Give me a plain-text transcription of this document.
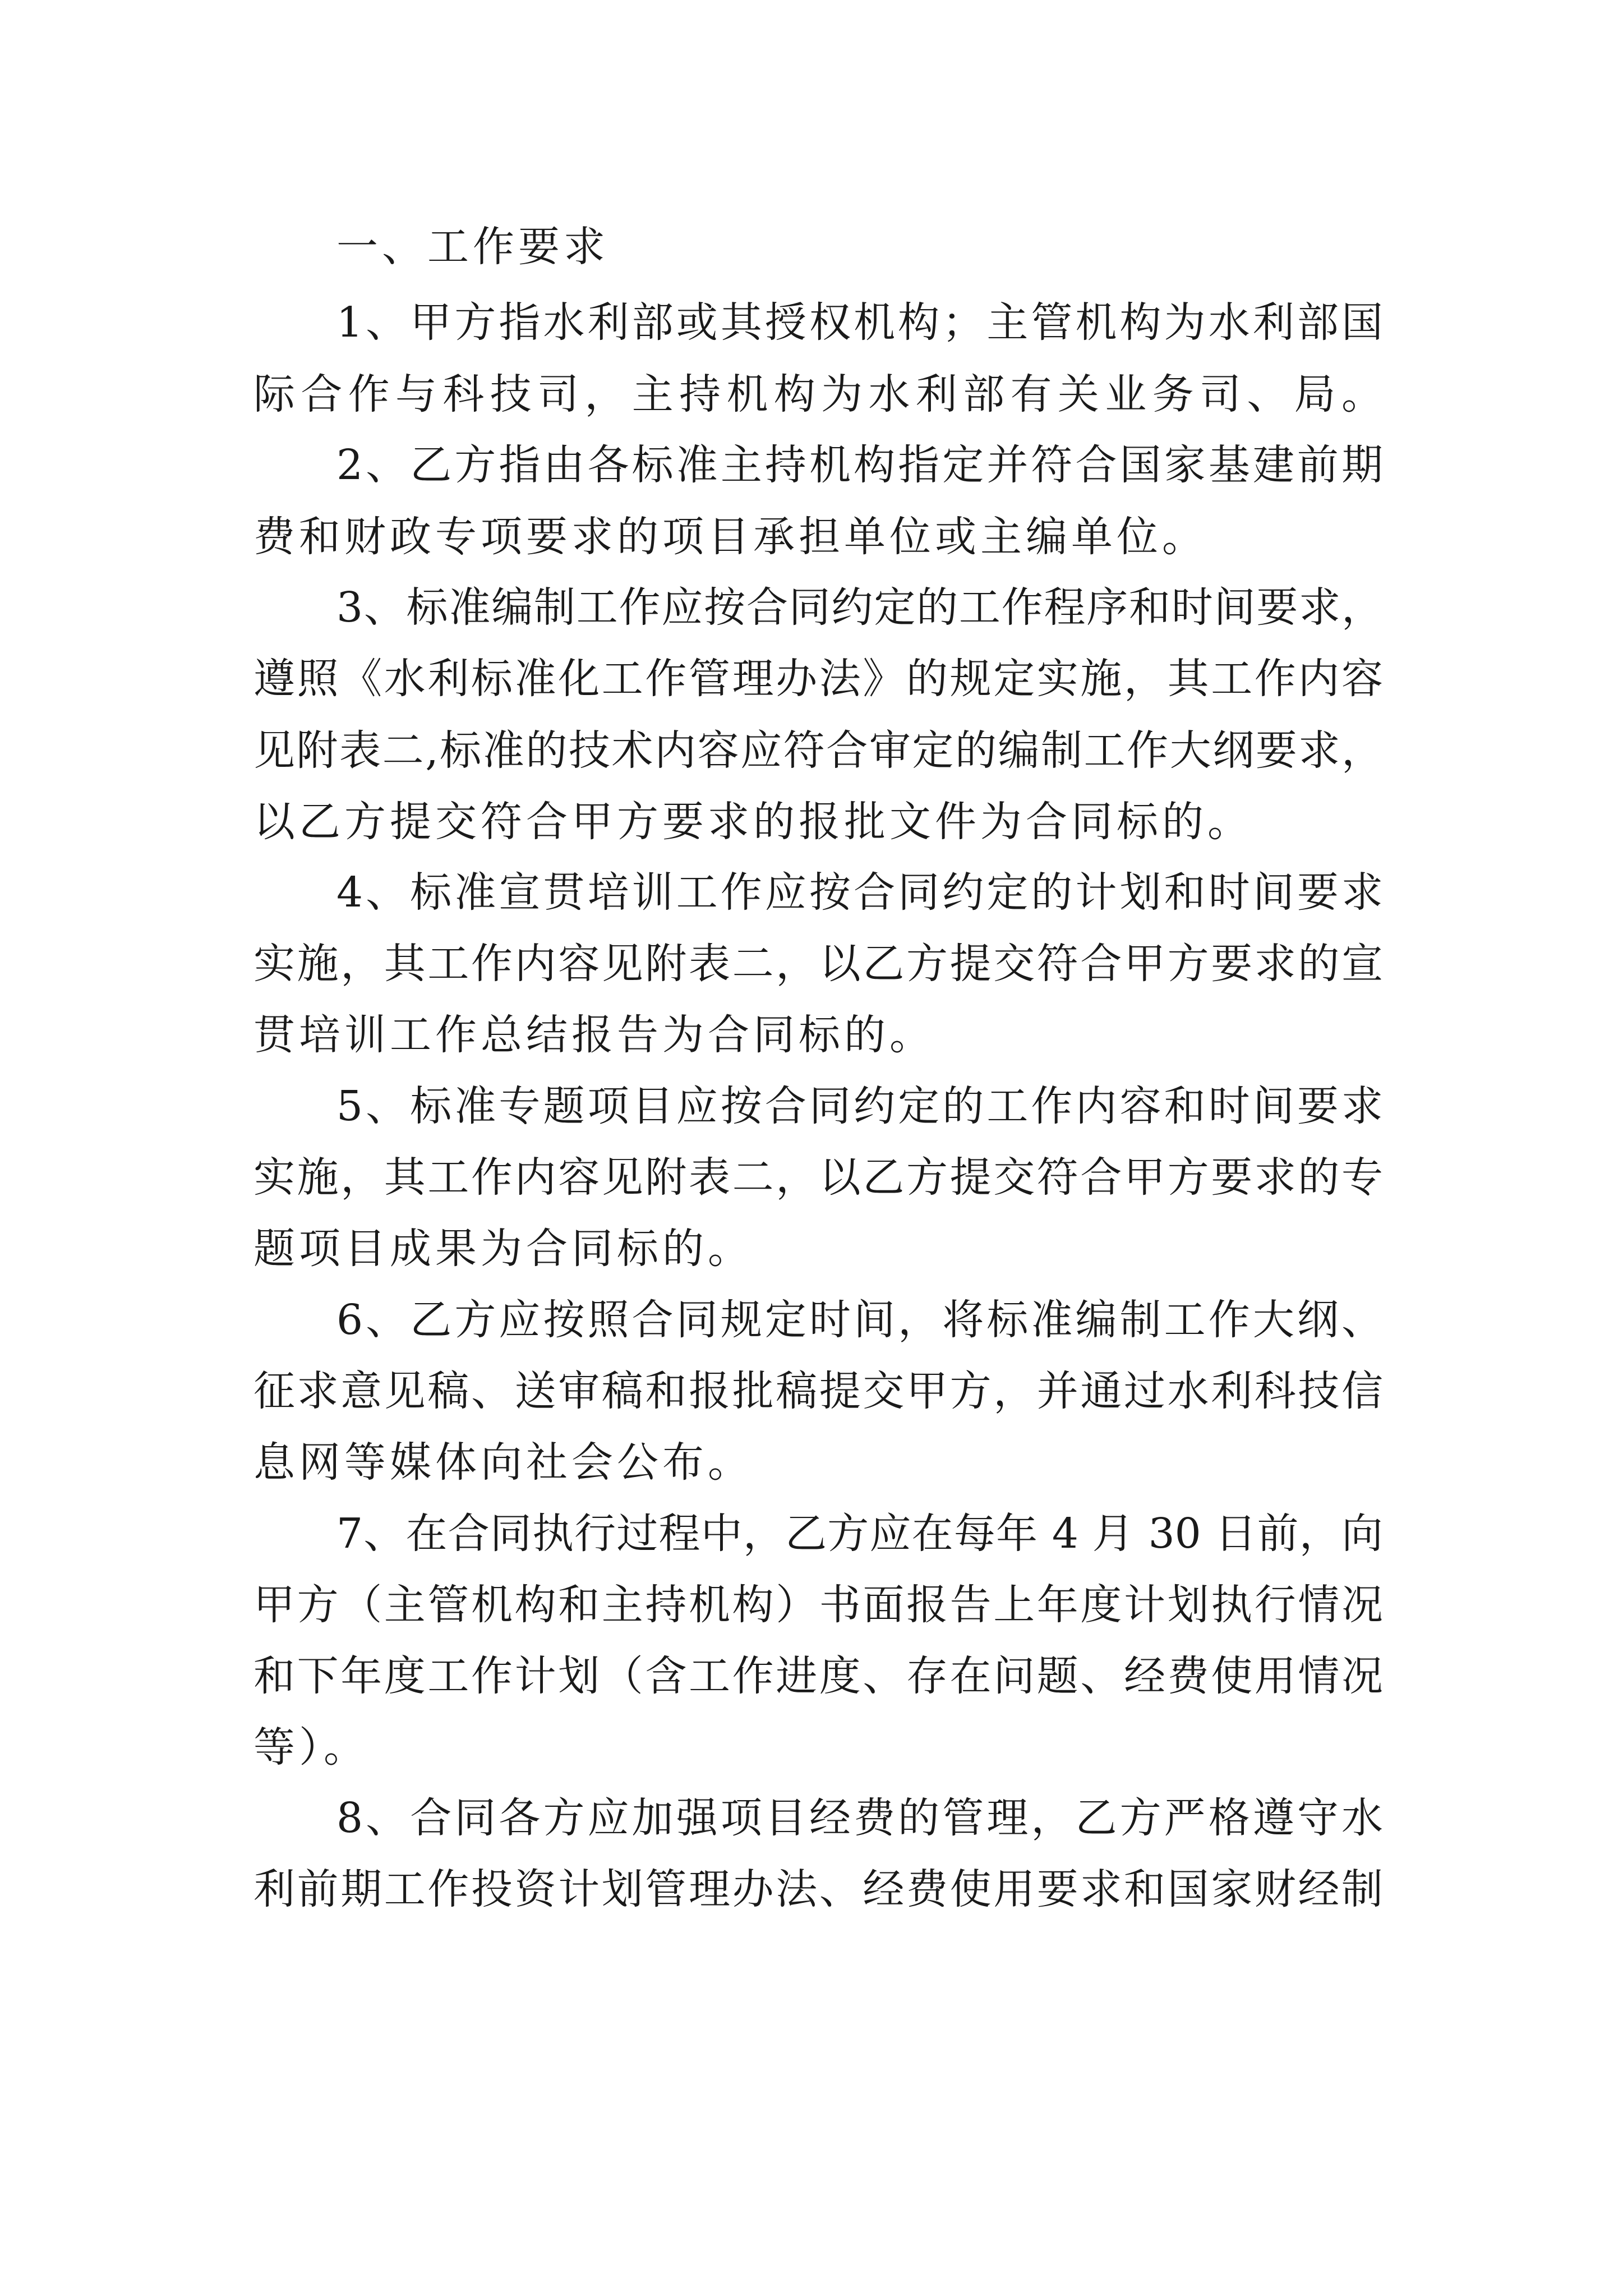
一、工作要求
1、甲方指水利部或其授权机构；主管机构为水利部国
际合作与科技司，主持机构为水利部有关业务司、局。
2、乙方指由各标准主持机构指定并符合国家基建前期
费和财政专项要求的项目承担单位或主编单位。
3、标准编制工作应按合同约定的工作程序和时间要求，
遵照《水利标准化工作管理办法》的规定实施，其工作内容
见附表二,标准的技术内容应符合审定的编制工作大纲要求，
以乙方提交符合甲方要求的报批文件为合同标的。
4、标准宣贯培训工作应按合同约定的计划和时间要求
实施，其工作内容见附表二，以乙方提交符合甲方要求的宣
贯培训工作总结报告为合同标的。
5、标准专题项目应按合同约定的工作内容和时间要求
实施，其工作内容见附表二，以乙方提交符合甲方要求的专
题项目成果为合同标的。
6、乙方应按照合同规定时间，将标准编制工作大纲、
征求意见稿、送审稿和报批稿提交甲方，并通过水利科技信
息网等媒体向社会公布。
7、在合同执行过程中，乙方应在每年 4 月 30 日前，向
甲方（主管机构和主持机构）书面报告上年度计划执行情况
和下年度工作计划（含工作进度、存在问题、经费使用情况
等）。
8、合同各方应加强项目经费的管理，乙方严格遵守水
利前期工作投资计划管理办法、经费使用要求和国家财经制
